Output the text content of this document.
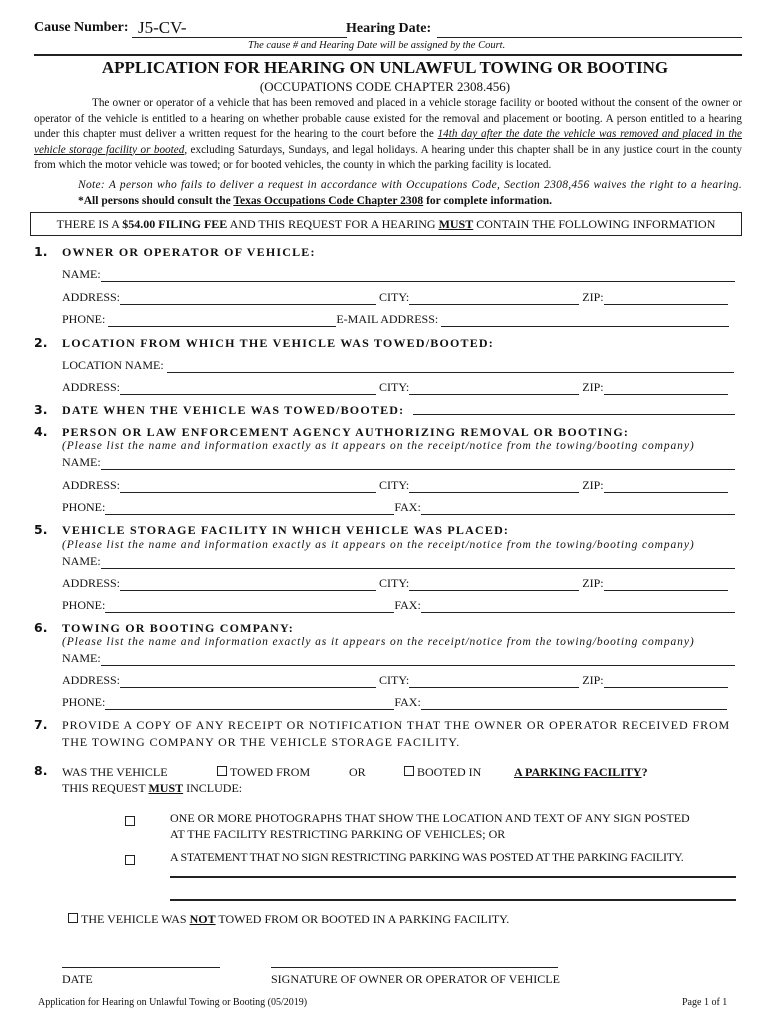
Cause Number: J5-CV-	Hearing Date:
The cause # and Hearing Date will be assigned by the Court.
APPLICATION FOR HEARING ON UNLAWFUL TOWING OR BOOTING
(OCCUPATIONS CODE CHAPTER 2308.456)
The owner or operator of a vehicle that has been removed and placed in a vehicle storage facility or booted without the consent of the owner or operator of the vehicle is entitled to a hearing on whether probable cause existed for the removal and placement or booting. A person entitled to a hearing under this chapter must deliver a written request for the hearing to the court before the 14th day after the date the vehicle was removed and placed in the vehicle storage facility or booted, excluding Saturdays, Sundays, and legal holidays. A hearing under this chapter shall be in any justice court in the county from which the motor vehicle was towed; or for booted vehicles, the county in which the parking facility is located.
Note: A person who fails to deliver a request in accordance with Occupations Code, Section 2308,456 waives the right to a hearing. *All persons should consult the Texas Occupations Code Chapter 2308 for complete information.
THERE IS A $54.00 FILING FEE AND THIS REQUEST FOR A HEARING MUST CONTAIN THE FOLLOWING INFORMATION
1. OWNER OR OPERATOR OF VEHICLE:
NAME:
ADDRESS:	CITY:	ZIP:
PHONE:	E-MAIL ADDRESS:
2. LOCATION FROM WHICH THE VEHICLE WAS TOWED/BOOTED:
LOCATION NAME:
ADDRESS:	CITY:	ZIP:
3. DATE WHEN THE VEHICLE WAS TOWED/BOOTED:
4. PERSON OR LAW ENFORCEMENT AGENCY AUTHORIZING REMOVAL OR BOOTING:
(Please list the name and information exactly as it appears on the receipt/notice from the towing/booting company)
NAME:
ADDRESS:	CITY:	ZIP:
PHONE:	FAX:
5. VEHICLE STORAGE FACILITY IN WHICH VEHICLE WAS PLACED:
(Please list the name and information exactly as it appears on the receipt/notice from the towing/booting company)
NAME:
ADDRESS:	CITY:	ZIP:
PHONE:	FAX:
6. TOWING OR BOOTING COMPANY:
(Please list the name and information exactly as it appears on the receipt/notice from the towing/booting company)
NAME:
ADDRESS:	CITY:	ZIP:
PHONE:	FAX:
7. PROVIDE A COPY OF ANY RECEIPT OR NOTIFICATION THAT THE OWNER OR OPERATOR RECEIVED FROM
THE TOWING COMPANY OR THE VEHICLE STORAGE FACILITY.
8. WAS THE VEHICLE	TOWED FROM	OR	BOOTED IN	A PARKING FACILITY?
THIS REQUEST MUST INCLUDE:
ONE OR MORE PHOTOGRAPHS THAT SHOW THE LOCATION AND TEXT OF ANY SIGN POSTED
AT THE FACILITY RESTRICTING PARKING OF VEHICLES; OR
A STATEMENT THAT NO SIGN RESTRICTING PARKING WAS POSTED AT THE PARKING FACILITY.
THE VEHICLE WAS NOT TOWED FROM OR BOOTED IN A PARKING FACILITY.
DATE	SIGNATURE OF OWNER OR OPERATOR OF VEHICLE
Application for Hearing on Unlawful Towing or Booting (05/2019)	Page 1 of 1
